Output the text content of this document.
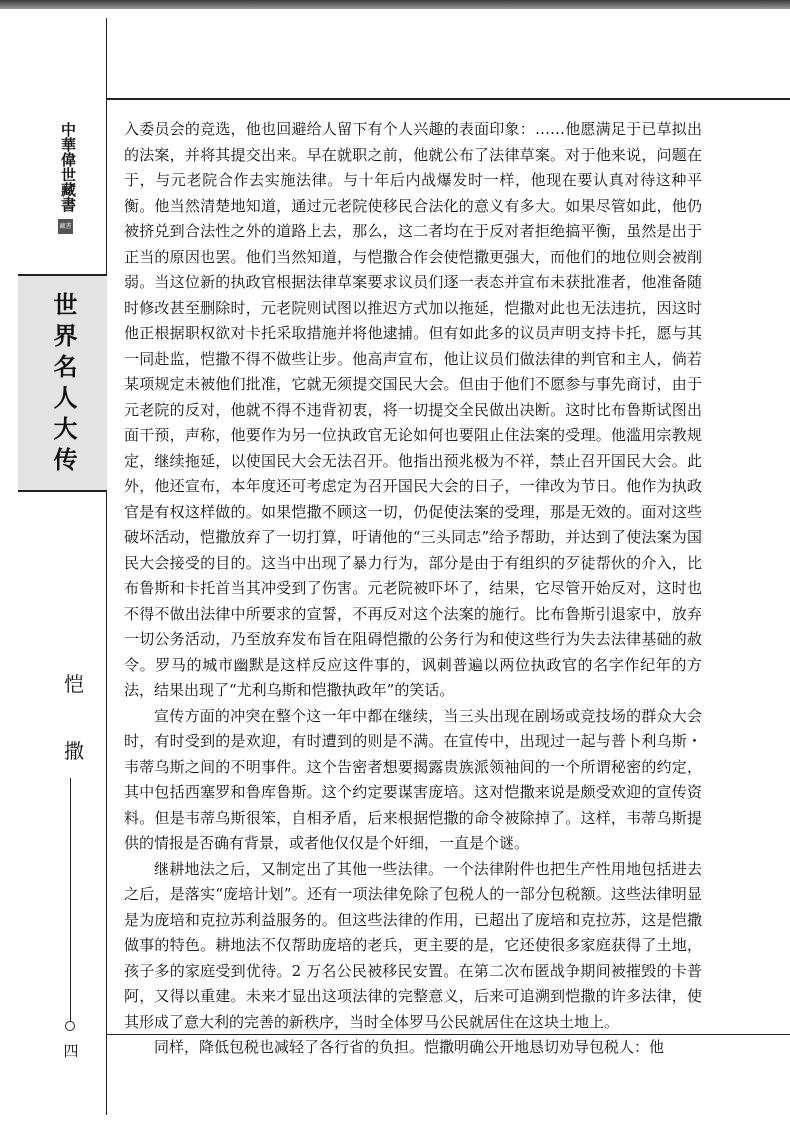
中華偉世藏書
藏書
世界名人大传
恺
撒
四

入委员会的竞选，他也回避给人留下有个人兴趣的表面印象：……他愿满足于已草拟出的法案，并将其提交出来。早在就职之前，他就公布了法律草案。对于他来说，问题在于，与元老院合作去实施法律。与十年后内战爆发时一样，他现在要认真对待这种平衡。他当然清楚地知道，通过元老院使移民合法化的意义有多大。如果尽管如此，他仍被挤兑到合法性之外的道路上去，那么，这二者均在于反对者拒绝搞平衡，虽然是出于正当的原因也罢。他们当然知道，与恺撒合作会使恺撒更强大，而他们的地位则会被削弱。当这位新的执政官根据法律草案要求议员们逐一表态并宣布未获批准者，他准备随时修改甚至删除时，元老院则试图以推迟方式加以拖延，恺撒对此也无法违抗，因这时他正根据职权欲对卡托采取措施并将他逮捕。但有如此多的议员声明支持卡托，愿与其一同赴监，恺撒不得不做些让步。他高声宣布，他让议员们做法律的判官和主人，倘若某项规定未被他们批准，它就无须提交国民大会。但由于他们不愿参与事先商讨，由于元老院的反对，他就不得不违背初衷，将一切提交全民做出决断。这时比布鲁斯试图出面干预，声称，他要作为另一位执政官无论如何也要阻止住法案的受理。他滥用宗教规定，继续拖延，以使国民大会无法召开。他指出预兆极为不祥，禁止召开国民大会。此外，他还宣布，本年度还可考虑定为召开国民大会的日子，一律改为节日。他作为执政官是有权这样做的。如果恺撒不顾这一切，仍促使法案的受理，那是无效的。面对这些破坏活动，恺撒放弃了一切打算，吁请他的“三头同志”给予帮助，并达到了使法案为国民大会接受的目的。这当中出现了暴力行为，部分是由于有组织的歹徒帮伙的介入，比布鲁斯和卡托首当其冲受到了伤害。元老院被吓坏了，结果，它尽管开始反对，这时也不得不做出法律中所要求的宣誓，不再反对这个法案的施行。比布鲁斯引退家中，放弃一切公务活动，乃至放弃发布旨在阻碍恺撒的公务行为和使这些行为失去法律基础的赦令。罗马的城市幽默是这样反应这件事的，讽刺普遍以两位执政官的名字作纪年的方法，结果出现了“尤利乌斯和恺撒执政年”的笑话。

宣传方面的冲突在整个这一年中都在继续，当三头出现在剧场或竞技场的群众大会时，有时受到的是欢迎，有时遭到的则是不满。在宣传中，出现过一起与普卜利乌斯・韦蒂乌斯之间的不明事件。这个告密者想要揭露贵族派领袖间的一个所谓秘密的约定，其中包括西塞罗和鲁库鲁斯。这个约定要谋害庞培。这对恺撒来说是颇受欢迎的宣传资料。但是韦蒂乌斯很笨，自相矛盾，后来根据恺撒的命令被除掉了。这样，韦蒂乌斯提供的情报是否确有背景，或者他仅仅是个奸细，一直是个谜。

继耕地法之后，又制定出了其他一些法律。一个法律附件也把生产性用地包括进去之后，是落实“庞培计划”。还有一项法律免除了包税人的一部分包税额。这些法律明显是为庞培和克拉苏利益服务的。但这些法律的作用，已超出了庞培和克拉苏，这是恺撒做事的特色。耕地法不仅帮助庞培的老兵，更主要的是，它还使很多家庭获得了土地，孩子多的家庭受到优待。2 万名公民被移民安置。在第二次布匿战争期间被摧毁的卡普阿，又得以重建。未来才显出这项法律的完整意义，后来可追溯到恺撒的许多法律，使其形成了意大利的完善的新秩序，当时全体罗马公民就居住在这块土地上。

同样，降低包税也减轻了各行省的负担。恺撒明确公开地恳切劝导包税人：他
